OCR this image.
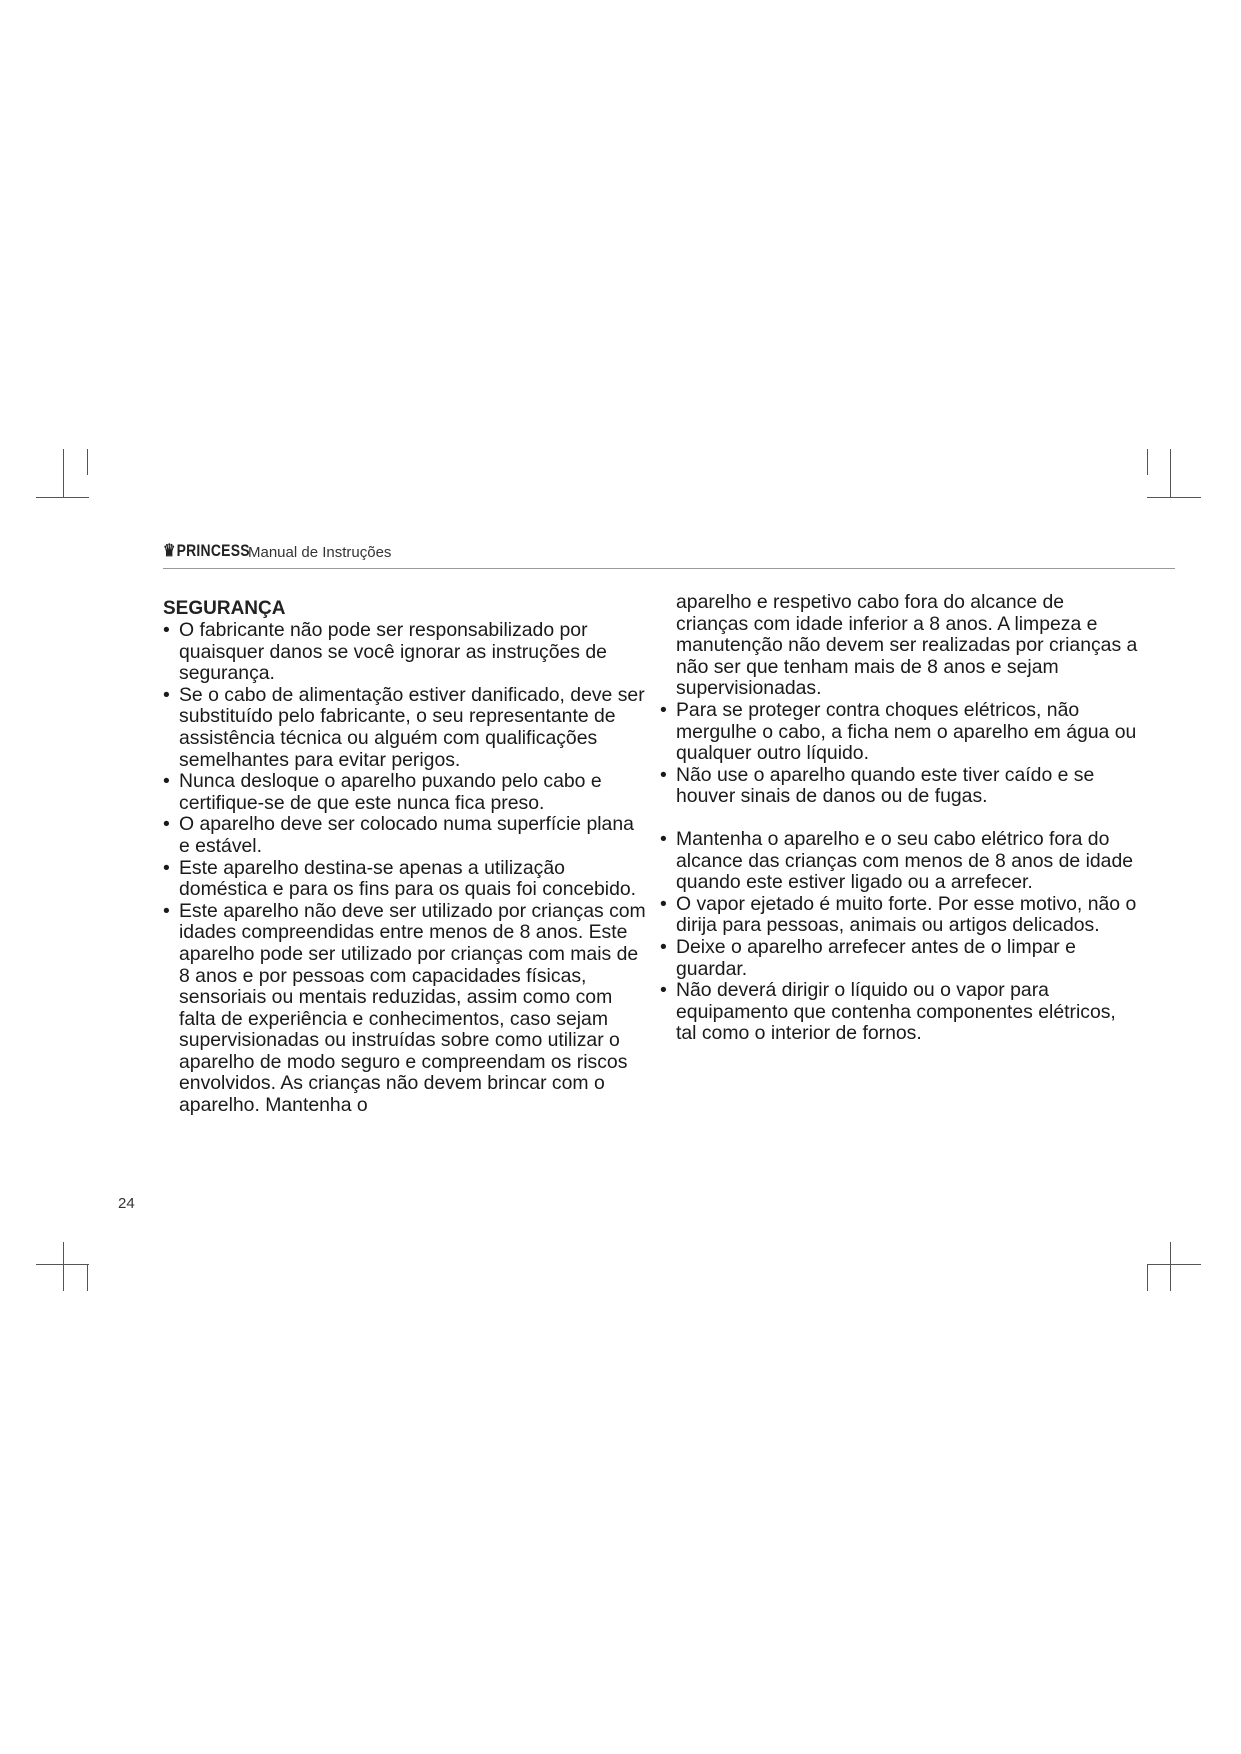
♛PRINCESS
Manual de Instruções
SEGURANÇA
• O fabricante não pode ser responsabilizado por quaisquer danos se você ignorar as instruções de segurança.
• Se o cabo de alimentação estiver danificado, deve ser substituído pelo fabricante, o seu representante de assistência técnica ou alguém com qualificações semelhantes para evitar perigos.
• Nunca desloque o aparelho puxando pelo cabo e certifique-se de que este nunca fica preso.
• O aparelho deve ser colocado numa superfície plana e estável.
• Este aparelho destina-se apenas a utilização doméstica e para os fins para os quais foi concebido.
• Este aparelho não deve ser utilizado por crianças com idades compreendidas entre menos de 8 anos. Este aparelho pode ser utilizado por crianças com mais de 8 anos e por pessoas com capacidades físicas, sensoriais ou mentais reduzidas, assim como com falta de experiência e conhecimentos, caso sejam supervisionadas ou instruídas sobre como utilizar o aparelho de modo seguro e compreendam os riscos envolvidos. As crianças não devem brincar com o aparelho. Mantenha o
aparelho e respetivo cabo fora do alcance de crianças com idade inferior a 8 anos. A limpeza e manutenção não devem ser realizadas por crianças a não ser que tenham mais de 8 anos e sejam supervisionadas.
• Para se proteger contra choques elétricos, não mergulhe o cabo, a ficha nem o aparelho em água ou qualquer outro líquido.
• Não use o aparelho quando este tiver caído e se houver sinais de danos ou de fugas.
• Mantenha o aparelho e o seu cabo elétrico fora do alcance das crianças com menos de 8 anos de idade quando este estiver ligado ou a arrefecer.
• O vapor ejetado é muito forte. Por esse motivo, não o dirija para pessoas, animais ou artigos delicados.
• Deixe o aparelho arrefecer antes de o limpar e guardar.
• Não deverá dirigir o líquido ou o vapor para equipamento que contenha componentes elétricos, tal como o interior de fornos.
24
